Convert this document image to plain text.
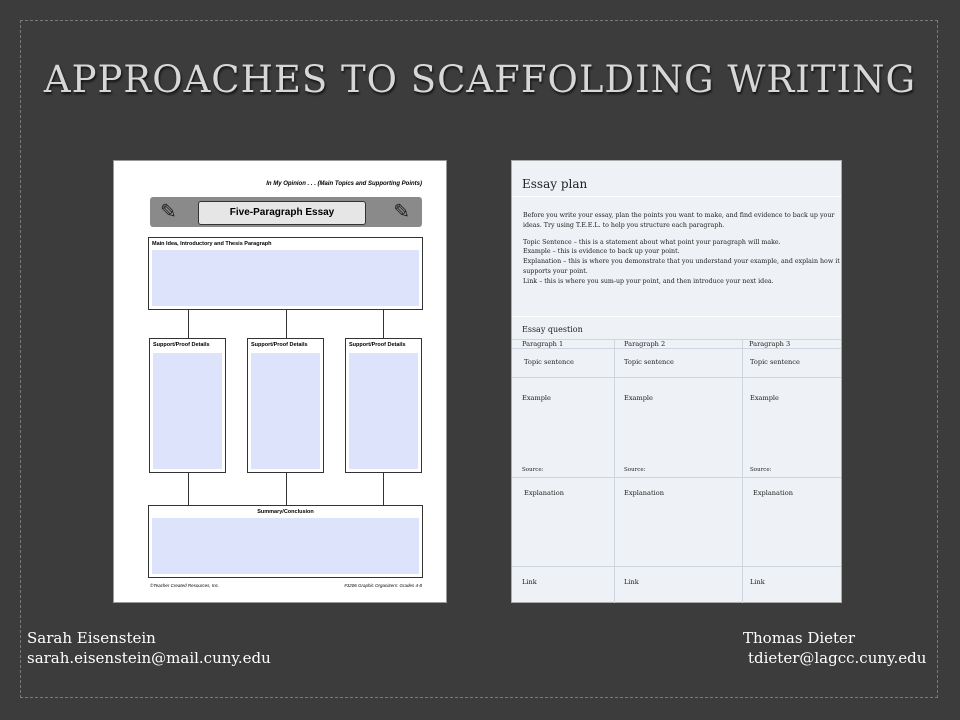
APPROACHES TO SCAFFOLDING WRITING
In My Opinion . . . (Main Topics and Supporting Points)
✎	Five-Paragraph Essay	✎
Main Idea, Introductory and Thesis Paragraph
Support/Proof Details	Support/Proof Details	Support/Proof Details
Summary/Conclusion
©Teacher Created Resources, Inc.	#3206 Graphic Organizers: Grades 4-8
Essay plan

Before you write your essay, plan the points you want to make, and find evidence to back up your ideas. Try using T.E.E.L. to help you structure each paragraph.

Topic Sentence – this is a statement about what point your paragraph will make.

Example – this is evidence to back up your point.

Explanation – this is where you demonstrate that you understand your example, and explain how it supports your point.

Link – this is where you sum-up your point, and then introduce your next idea.

Essay question
Paragraph 1	Paragraph 2	Paragraph 3
Topic sentence	Topic sentence	Topic sentence
Example	Example	Example
Source:	Source:	Source:
Explanation	Explanation	Explanation
Link	Link	Link
Sarah Eisenstein
sarah.eisenstein@mail.cuny.edu
Thomas Dieter
tdieter@lagcc.cuny.edu
